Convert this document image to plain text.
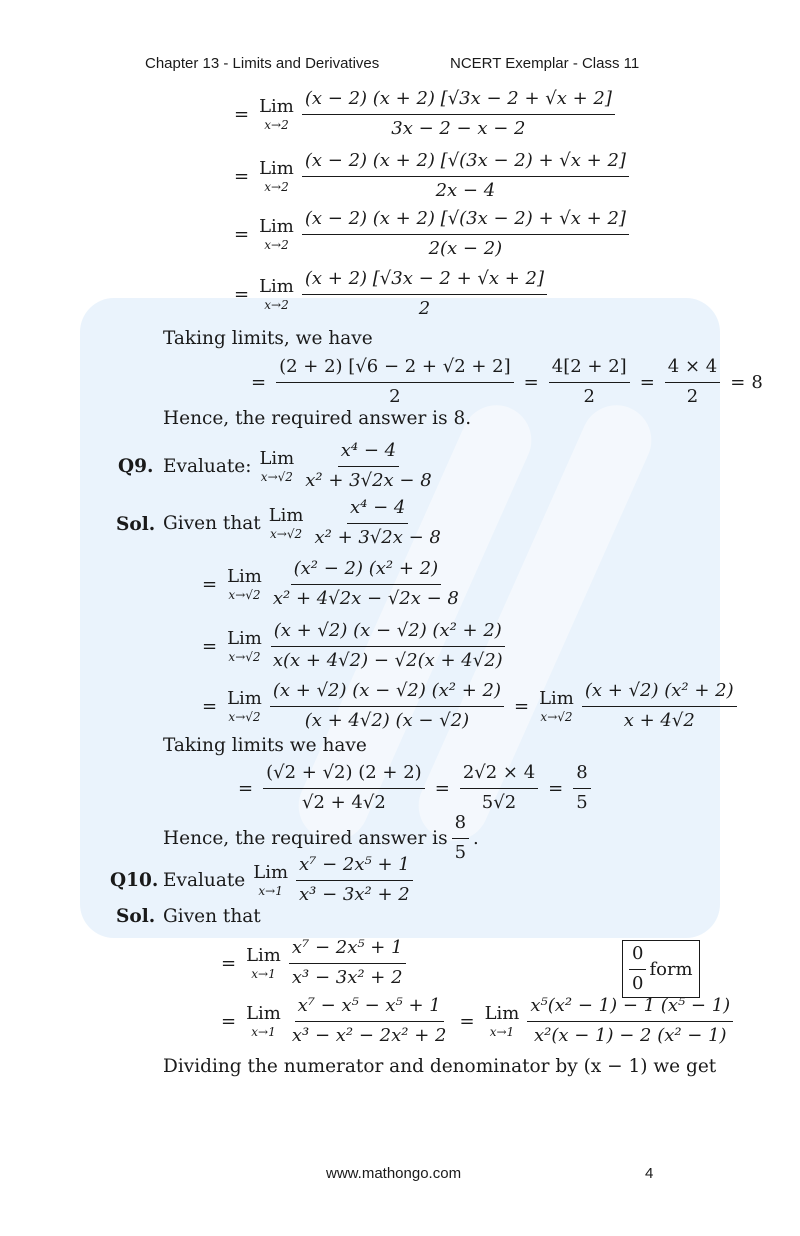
Chapter 13 - Limits and Derivatives	NCERT Exemplar - Class 11
= Lim
$x\to 2 \frac{(x - 2) (x + 2) [√3x - 2 + √x + 2]}{3x - 2 - x - 2}$
= Lim
$x\to 2 \frac{(x - 2) (x + 2) [√(3x - 2) + √x + 2]}{2x - 4}$
= Lim
$x\to 2 \frac{(x - 2) (x + 2) [√(3x - 2) + √x + 2]}{2(x - 2)}$
= Lim
$x\to 2 \frac{(x + 2) [√3x - 2 + √x + 2]}{2}$
Taking limits, we have
= $\frac{(2 + 2) [√6 - 2 + √2 + 2]}{2} = \frac{4[2 + 2]}{2} = \frac{4 \times 4}{2} = 8$
Hence, the required answer is 8.
Q9. Evaluate: Lim
$x\to√2 \frac{\text{x⁴ − 4}}{\text{x² + 3√2x − 8}}$
Sol. Given that Lim
$x\to√2 \frac{\text{x⁴ − 4}}{\text{x² + 3√2x − 8}}$
= Lim
$x\to√2 \frac{\text{(x² − 2) (x² + 2)}}{\text{x² + 4√2x − √2x − 8}}$
= Lim
$x\to√2 \frac{\text{(x + √2) (x − √2) (x² + 2)}}{x(x + 4√2) - √2(x + 4√2)}$
= Lim
$x\to√2 \frac{\text{(x + √2) (x − √2) (x² + 2)}}{(x + 4√2) (x - √2)}$ = Lim
$x\to√2 \frac{\text{(x + √2) (x² + 2)}}{x + 4√2}$
Taking limits we have
= $\frac{(√2 + √2) (2 + 2)}{√2 + 4√2} = \frac{2√2 \times 4}{5√2} = \frac{8}{5}$
Hence, the required answer is $\frac{8}{5}$ .
Q10. Evaluate Lim
$x\to 1 \frac{\text{x⁷ − 2x⁵ + 1}}{\text{x³ − 3x² + 2}}$
Sol. Given that
= Lim
$x\to 1 \frac{\text{x⁷ − 2x⁵ + 1}}{\text{x³ − 3x² + 2}}$	$\frac{0}{0}$ form
= Lim
$x\to 1 \frac{\text{x⁷ − x⁵ − x⁵ + 1}}{\text{x³ − x² − 2x² + 2}}$ = Lim
$x\to 1 \frac{\text{x⁵(x² − 1) − 1 (x⁵ − 1)}}{\text{x²(x − 1) − 2 (x² − 1)}}$
Dividing the numerator and denominator by (x − 1) we get
www.mathongo.com	4
